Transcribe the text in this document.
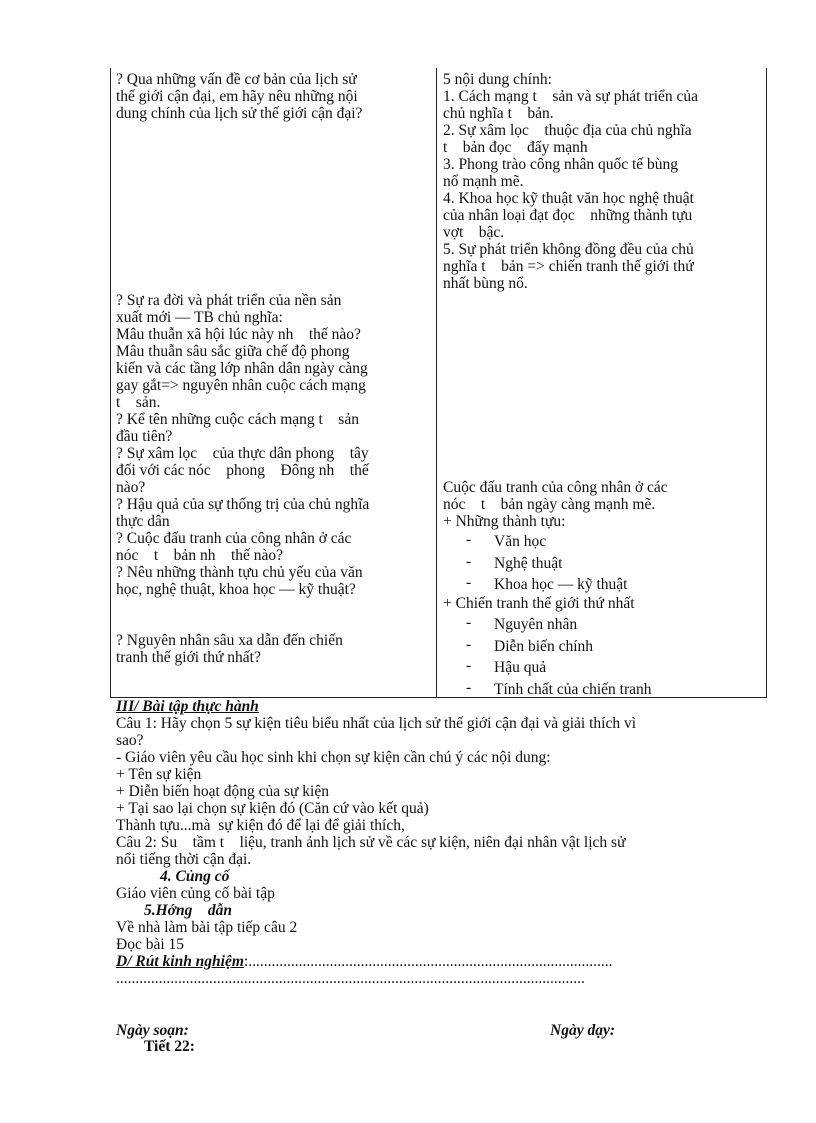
? Qua những vấn đề cơ bản của lịch sử

thế giới cận đại, em hãy nêu những nội

dung chính của lịch sử thế giới cận đại?

? Sự ra đời và phát triển của nền sản

xuất mới — TB chủ nghĩa:

Mâu thuẫn xã hội lúc này nh    thế nào?

Mâu thuẫn sâu sắc giữa chế độ phong

kiến và các tầng lớp nhân dân ngày càng

gay gắt=> nguyên nhân cuộc cách mạng

t    sản.

? Kể tên những cuộc cách mạng t    sản

đầu tiên?

? Sự xâm lọc    của thực dân phong    tây

đối với các nóc    phong    Đông nh    thế

nào?

? Hậu quả của sự thống trị của chủ nghĩa

thực dân

? Cuộc đấu tranh của công nhân ở các

nóc    t    bản nh    thế nào?

? Nêu những thành tựu chủ yếu của văn

học, nghệ thuật, khoa học — kỹ thuật?

? Nguyên nhân sâu xa dẫn đến chiến

tranh thế giới thứ nhất?

5 nội dung chính:

1. Cách mạng t    sản và sự phát triển của

chủ nghĩa t    bản.

2. Sự xâm lọc    thuộc địa của chủ nghĩa

t    bản đọc    đẩy mạnh

3. Phong trào công nhân quốc tế bùng

nổ mạnh mẽ.

4. Khoa học kỹ thuật văn học nghệ thuật

của nhân loại đạt đọc    những thành tựu

vợt    bậc.

5. Sự phát triển không đồng đều của chủ

nghĩa t    bản => chiến tranh thế giới thứ

nhất bùng nổ.

Cuộc đấu tranh của công nhân ở các

nóc    t    bản ngày càng mạnh mẽ.

+ Những thành tựu:

- Văn học
- Nghệ thuật
- Khoa học — kỹ thuật

+ Chiến tranh thế giới thứ nhất

- Nguyên nhân
- Diễn biến chính
- Hậu quả
- Tính chất của chiến tranh

III/ Bài tập thực hành

Câu 1: Hãy chọn 5 sự kiện tiêu biểu nhất của lịch sử thế giới cận đại và giải thích vì

sao?

- Giáo viên yêu cầu học sinh khi chọn sự kiện cần chú ý các nội dung:

+ Tên sự kiện

+ Diễn biến hoạt động của sự kiện

+ Tại sao lại chọn sự kiện đó (Căn cứ vào kết quả)

Thành tựu...mà  sự kiện đó để lại để giải thích,

Câu 2: Su    tầm t    liệu, tranh ảnh lịch sử về các sự kiện, niên đại nhân vật lịch sử

nổi tiếng thời cận đại.

4. Củng cố

Giáo viên củng cố bài tập

5.Hớng    dẫn

Về nhà làm bài tập tiếp câu 2

Đọc bài 15

D/ Rút kinh nghiệm:..............................................................................................

.........................................................................................................................

Ngày soạn:	Ngày dạy:
Tiết 22:
